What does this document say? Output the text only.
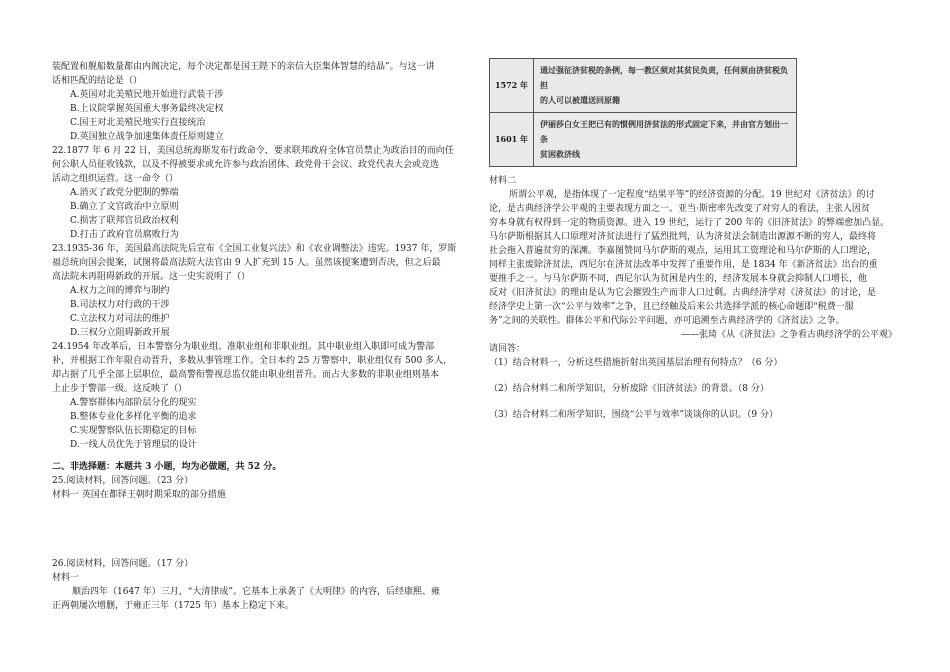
装配置和舰船数量都由内阁决定，每个决定都是国王陛下的亲信大臣集体智慧的结晶”。与这一讲
话相匹配的结论是（）
A.英国对北美殖民地开始进行武装干涉
B.上议院掌握英国重大事务最终决定权
C.国王对北美殖民地实行直接统治
D.英国独立战争加速集体责任原则建立
22.1877 年 6 月 22 日，美国总统海斯发布行政命令，要求联邦政府全体官员禁止为政治目的而向任
何公职人员征收钱款，以及不得被要求或允许参与政治团体、政党骨干会议、政党代表大会或竞选
活动之组织运营。这一命令（）
A.消灭了政党分肥制的弊端
B.确立了文官政治中立原则
C.损害了联邦官员政治权利
D.打击了政府官员腐败行为
23.1935-36 年，美国最高法院先后宣布《全国工业复兴法》和《农业调整法》违宪。1937 年，罗斯
福总统向国会提案，试图将最高法院大法官由 9 人扩充到 15 人。虽然该提案遭到否决，但之后最
高法院未再阻碍新政的开展。这一史实说明了（）
A.权力之间的博弈与制约
B.司法权力对行政的干涉
C.立法权力对司法的维护
D.三权分立阻碍新政开展
24.1954 年改革后，日本警察分为职业组、准职业组和非职业组。其中职业组入职即可成为警部
补，并根据工作年限自动晋升，多数从事管理工作。全日本约 25 万警察中，职业组仅有 500 多人，
却占据了几乎全部上层职位，最高警衔警视总监仅能由职业组晋升。而占大多数的非职业组则基本
上止步于警部一级。这反映了（）
A.警察群体内部阶层分化的现实
B.整体专业化多样化平衡的追求
C.实现警察队伍长期稳定的目标
D.一线人员优先于管理层的设计
二、非选择题：本题共 3 小题，均为必做题，共 52 分。
25.阅读材料，回答问题。（23 分）
材料一 英国在都铎王朝时期采取的部分措施
26.阅读材料，回答问题。（17 分）
材料一
顺治四年（1647 年）三月，“大清律成”。它基本上承袭了《大明律》的内容，后经康熙、雍
正两朝屡次增删，于雍正三年（1725 年）基本上稳定下来。
1572 年	通过强征济贫税的条例，每一教区须对其贫民负责，任何须由济贫税负担
的人可以被遣送回原籍

1601 年	伊丽莎白女王把已有的惯例用济贫法的形式固定下来，并由官方划出一条
贫困救济线
材料二
所谓公平观，是指体现了一定程度“结果平等”的经济资源的分配。19 世纪对《济贫法》的讨
论，是古典经济学公平观的主要表现方面之一。亚当·斯密率先改变了对穷人的看法，主张人因贫
穷本身就有权得到一定的物质资源。进入 19 世纪，运行了 200 年的《旧济贫法》的弊端愈加凸显。
马尔萨斯根据其人口原理对济贫法进行了猛烈批判，认为济贫法会制造出源源不断的穷人，最终将
社会拖入普遍贫穷的深渊。李嘉图赞同马尔萨斯的观点，运用其工资理论和马尔萨斯的人口理论，
同样主张废除济贫法，西尼尔在济贫法改革中发挥了重要作用，是 1834 年《新济贫法》出台的重
要推手之一。与马尔萨斯不同，西尼尔认为贫困是内生的，经济发展本身就会抑制人口增长，他
反对《旧济贫法》的理由是认为它会摧毁生产而非人口过剩。古典经济学对《济贫法》的讨论，是
经济学史上第一次“公平与效率”之争，且已经触及后来公共选择学派的核心命题即“税费一服
务”之间的关联性。群体公平和代际公平问题，亦可追溯至古典经济学的《济贫法》之争。
——张琦《从《济贫法》之争看古典经济学的公平观》
请回答：
（1）结合材料一，分析这些措施折射出英国基层治理有何特点？（6 分）
（2）结合材料二和所学知识，分析废除《旧济贫法》的背景。（8 分）
（3）结合材料二和所学知识，围绕“公平与效率”谈谈你的认识。（9 分）
